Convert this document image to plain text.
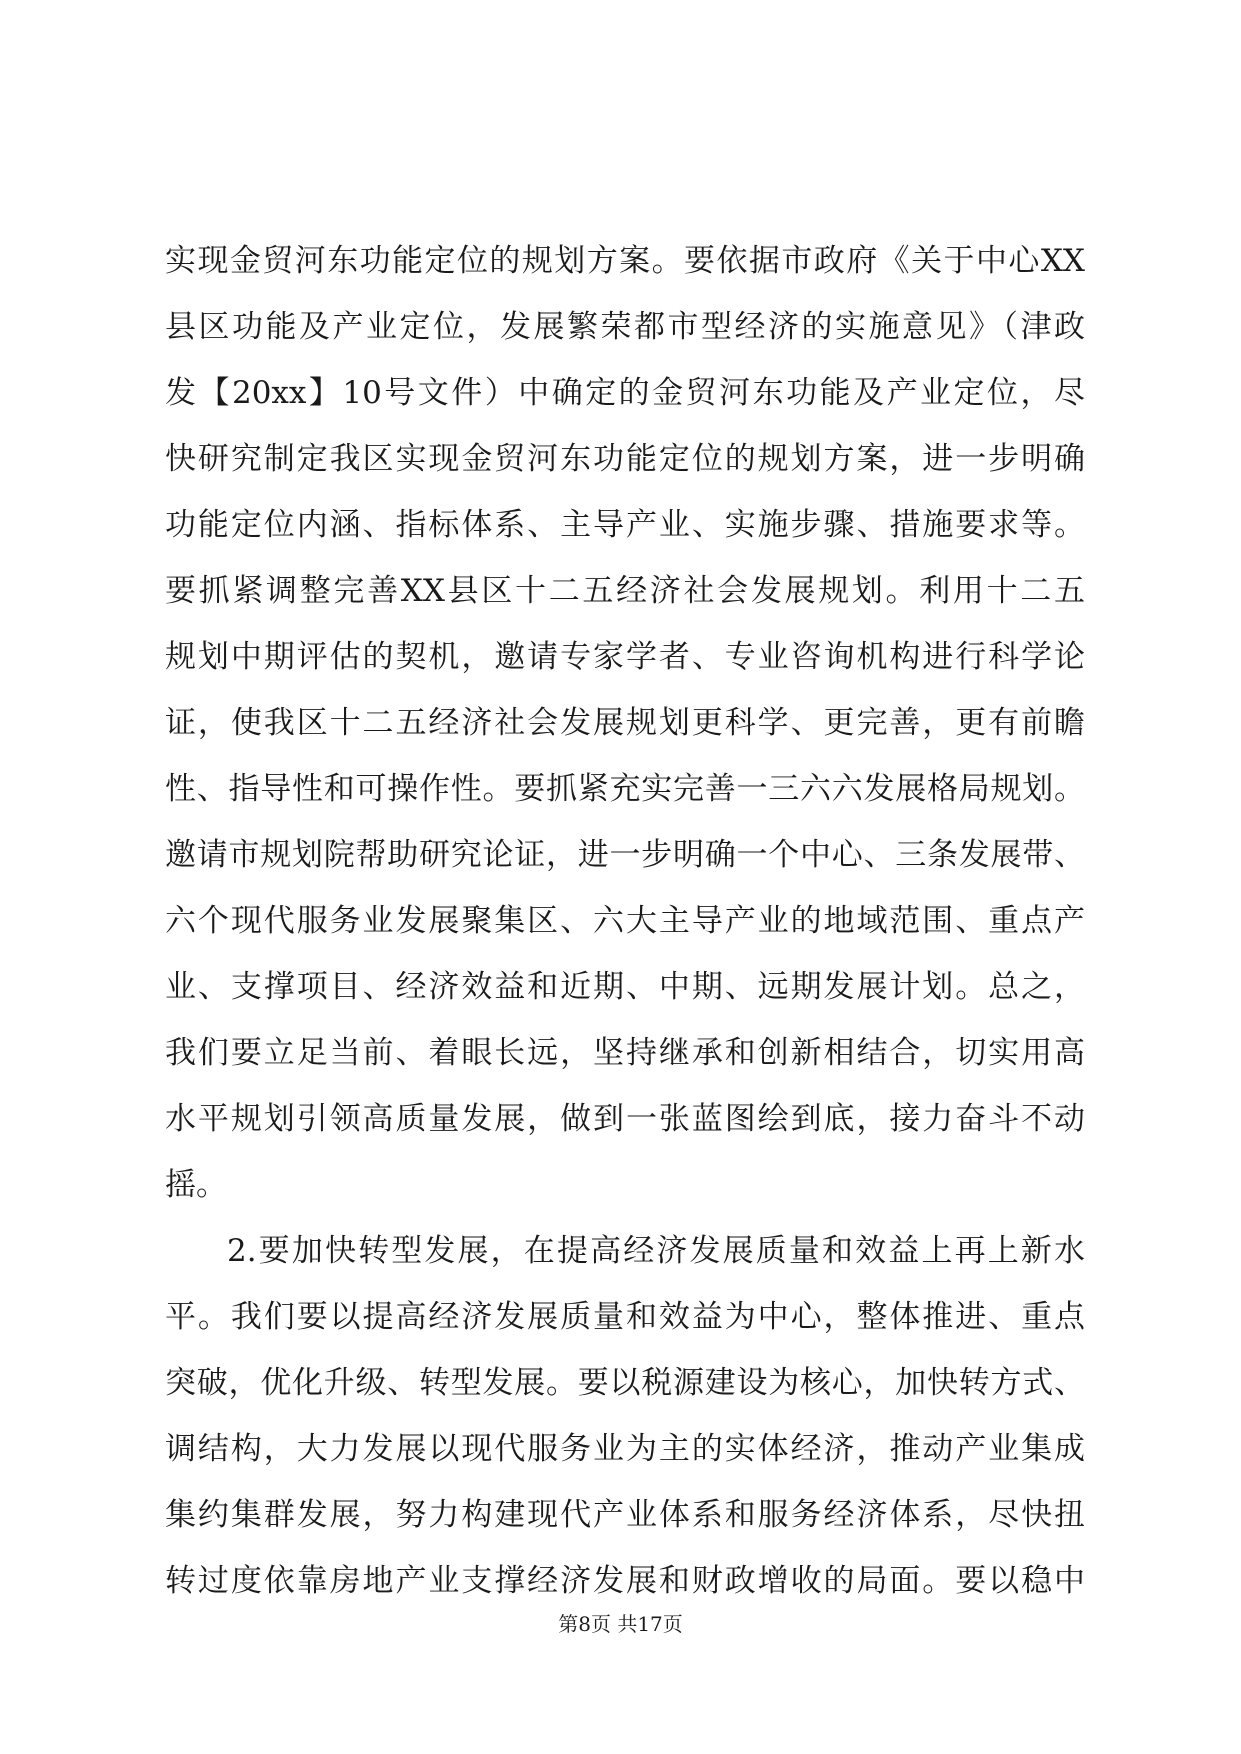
实现金贸河东功能定位的规划方案。要依据市政府《关于中心XX
县区功能及产业定位，发展繁荣都市型经济的实施意见》（津政
发【20xx】10号文件）中确定的金贸河东功能及产业定位，尽
快研究制定我区实现金贸河东功能定位的规划方案，进一步明确
功能定位内涵、指标体系、主导产业、实施步骤、措施要求等。
要抓紧调整完善XX县区十二五经济社会发展规划。利用十二五
规划中期评估的契机，邀请专家学者、专业咨询机构进行科学论
证，使我区十二五经济社会发展规划更科学、更完善，更有前瞻
性、指导性和可操作性。要抓紧充实完善一三六六发展格局规划。
邀请市规划院帮助研究论证，进一步明确一个中心、三条发展带、
六个现代服务业发展聚集区、六大主导产业的地域范围、重点产
业、支撑项目、经济效益和近期、中期、远期发展计划。总之，
我们要立足当前、着眼长远，坚持继承和创新相结合，切实用高
水平规划引领高质量发展，做到一张蓝图绘到底，接力奋斗不动
摇。
2.要加快转型发展，在提高经济发展质量和效益上再上新水
平。我们要以提高经济发展质量和效益为中心，整体推进、重点
突破，优化升级、转型发展。要以税源建设为核心，加快转方式、
调结构，大力发展以现代服务业为主的实体经济，推动产业集成
集约集群发展，努力构建现代产业体系和服务经济体系，尽快扭
转过度依靠房地产业支撑经济发展和财政增收的局面。要以稳中
第8页 共17页
